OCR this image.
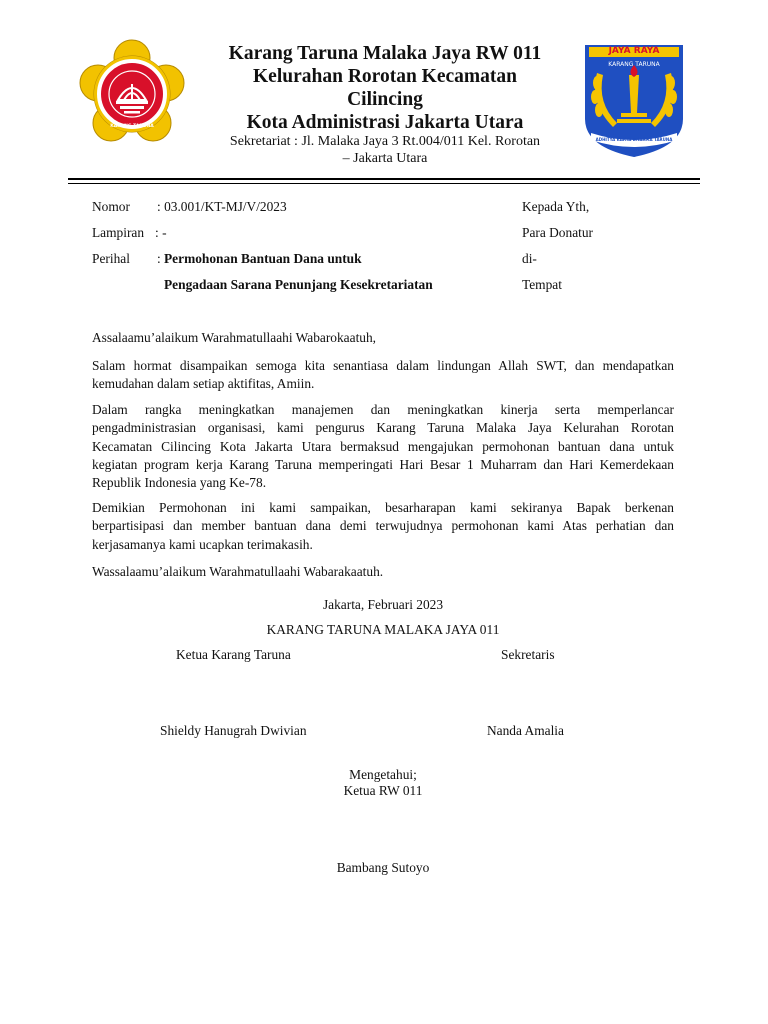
KARANG TARUNA
Karang Taruna Malaka Jaya RW 011
Kelurahan Rorotan Kecamatan
Cilincing
Kota Administrasi Jakarta Utara
Sekretariat : Jl. Malaka Jaya 3 Rt.004/011 Kel. Rorotan
– Jakarta Utara
JAYA RAYA
KARANG TARUNA
ADHITYA KARYA DHARMA TARUNA
Nomor : 03.001/KT-MJ/V/2023
Lampiran : -
Perihal : Permohonan Bantuan Dana untuk
Pengadaan Sarana Penunjang Kesekretariatan
Kepada Yth,
Para Donatur
di-
Tempat
Assalaamu’alaikum Warahmatullaahi Wabarokaatuh,
Salam hormat disampaikan semoga kita senantiasa dalam lindungan Allah SWT, dan mendapatkan
kemudahan dalam setiap aktifitas, Amiin.
Dalam rangka meningkatkan manajemen dan meningkatkan kinerja serta memperlancar
pengadministrasian organisasi, kami pengurus Karang Taruna Malaka Jaya Kelurahan Rorotan
Kecamatan Cilincing Kota Jakarta Utara bermaksud mengajukan permohonan bantuan dana untuk
kegiatan program kerja Karang Taruna memperingati Hari Besar 1 Muharram dan Hari Kemerdekaan
Republik Indonesia yang Ke-78.
Demikian Permohonan ini kami sampaikan, besarharapan kami sekiranya Bapak berkenan
berpartisipasi dan member bantuan dana demi terwujudnya permohonan kami Atas perhatian dan
kerjasamanya kami ucapkan terimakasih.
Wassalaamu’alaikum Warahmatullaahi Wabarakaatuh.
Jakarta, Februari 2023
KARANG TARUNA MALAKA JAYA 011
Ketua Karang Taruna	Sekretaris
Shieldy Hanugrah Dwivian	Nanda Amalia
Mengetahui;
Ketua RW 011
Bambang Sutoyo
